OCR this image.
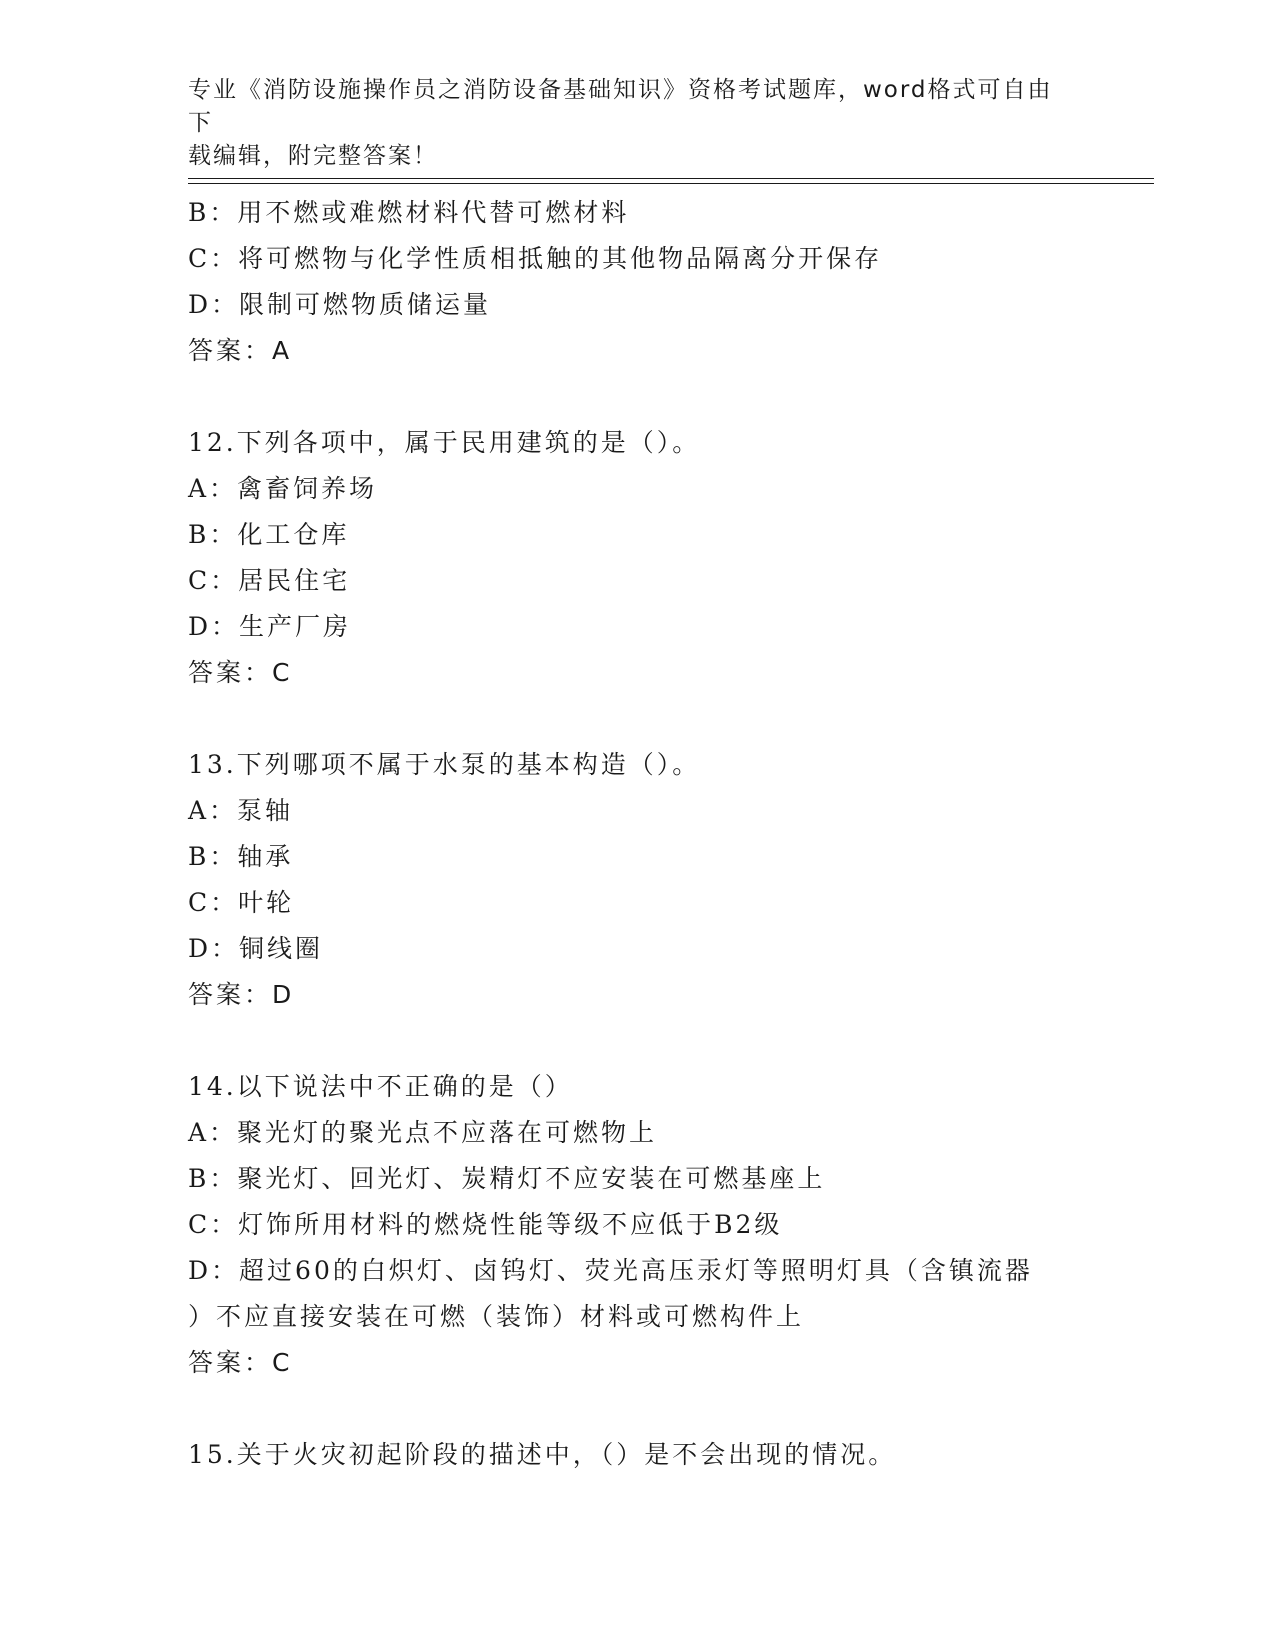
专业《消防设施操作员之消防设备基础知识》资格考试题库，word格式可自由下
载编辑，附完整答案！
B：用不燃或难燃材料代替可燃材料
C：将可燃物与化学性质相抵触的其他物品隔离分开保存
D：限制可燃物质储运量
答案：A
12.下列各项中，属于民用建筑的是（）。
A：禽畜饲养场
B：化工仓库
C：居民住宅
D：生产厂房
答案：C
13.下列哪项不属于水泵的基本构造（）。
A：泵轴
B：轴承
C：叶轮
D：铜线圈
答案：D
14.以下说法中不正确的是（）
A：聚光灯的聚光点不应落在可燃物上
B：聚光灯、回光灯、炭精灯不应安装在可燃基座上
C：灯饰所用材料的燃烧性能等级不应低于B2级
D：超过60的白炽灯、卤钨灯、荧光高压汞灯等照明灯具（含镇流器
）不应直接安装在可燃（装饰）材料或可燃构件上
答案：C
15.关于火灾初起阶段的描述中，（）是不会出现的情况。
